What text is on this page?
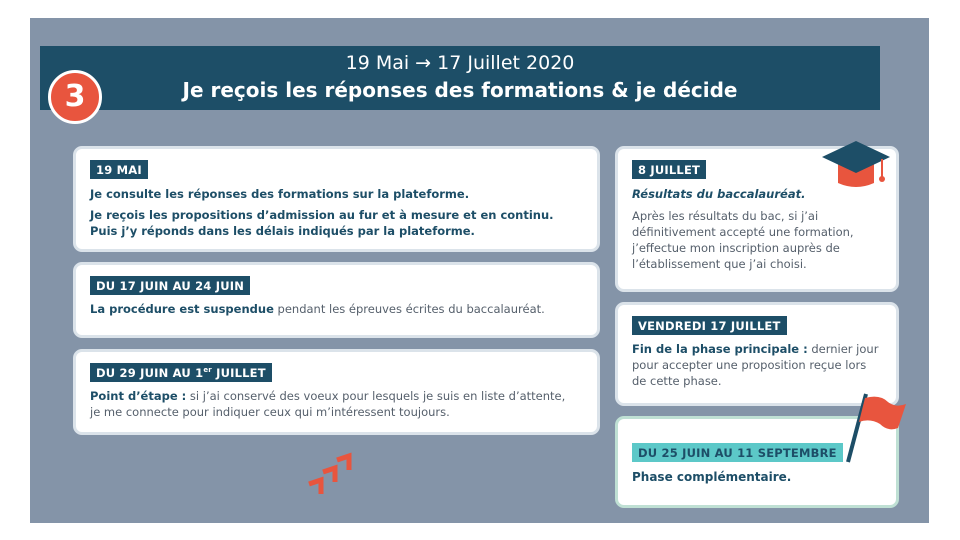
19 Mai → 17 Juillet 2020
Je reçois les réponses des formations & je décide
3
19 MAI
Je consulte les réponses des formations sur la plateforme.
Je reçois les propositions d’admission au fur et à mesure et en continu.
Puis j’y réponds dans les délais indiqués par la plateforme.
DU 17 JUIN AU 24 JUIN
La procédure est suspendue pendant les épreuves écrites du baccalauréat.
DU 29 JUIN AU 1er JUILLET
Point d’étape : si j’ai conservé des voeux pour lesquels je suis en liste d’attente,
je me connecte pour indiquer ceux qui m’intéressent toujours.
8 JUILLET
Résultats du baccalauréat.
Après les résultats du bac, si j’ai
définitivement accepté une formation,
j’effectue mon inscription auprès de
l’établissement que j’ai choisi.
VENDREDI 17 JUILLET
Fin de la phase principale : dernier jour
pour accepter une proposition reçue lors
de cette phase.
DU 25 JUIN AU 11 SEPTEMBRE
Phase complémentaire.
